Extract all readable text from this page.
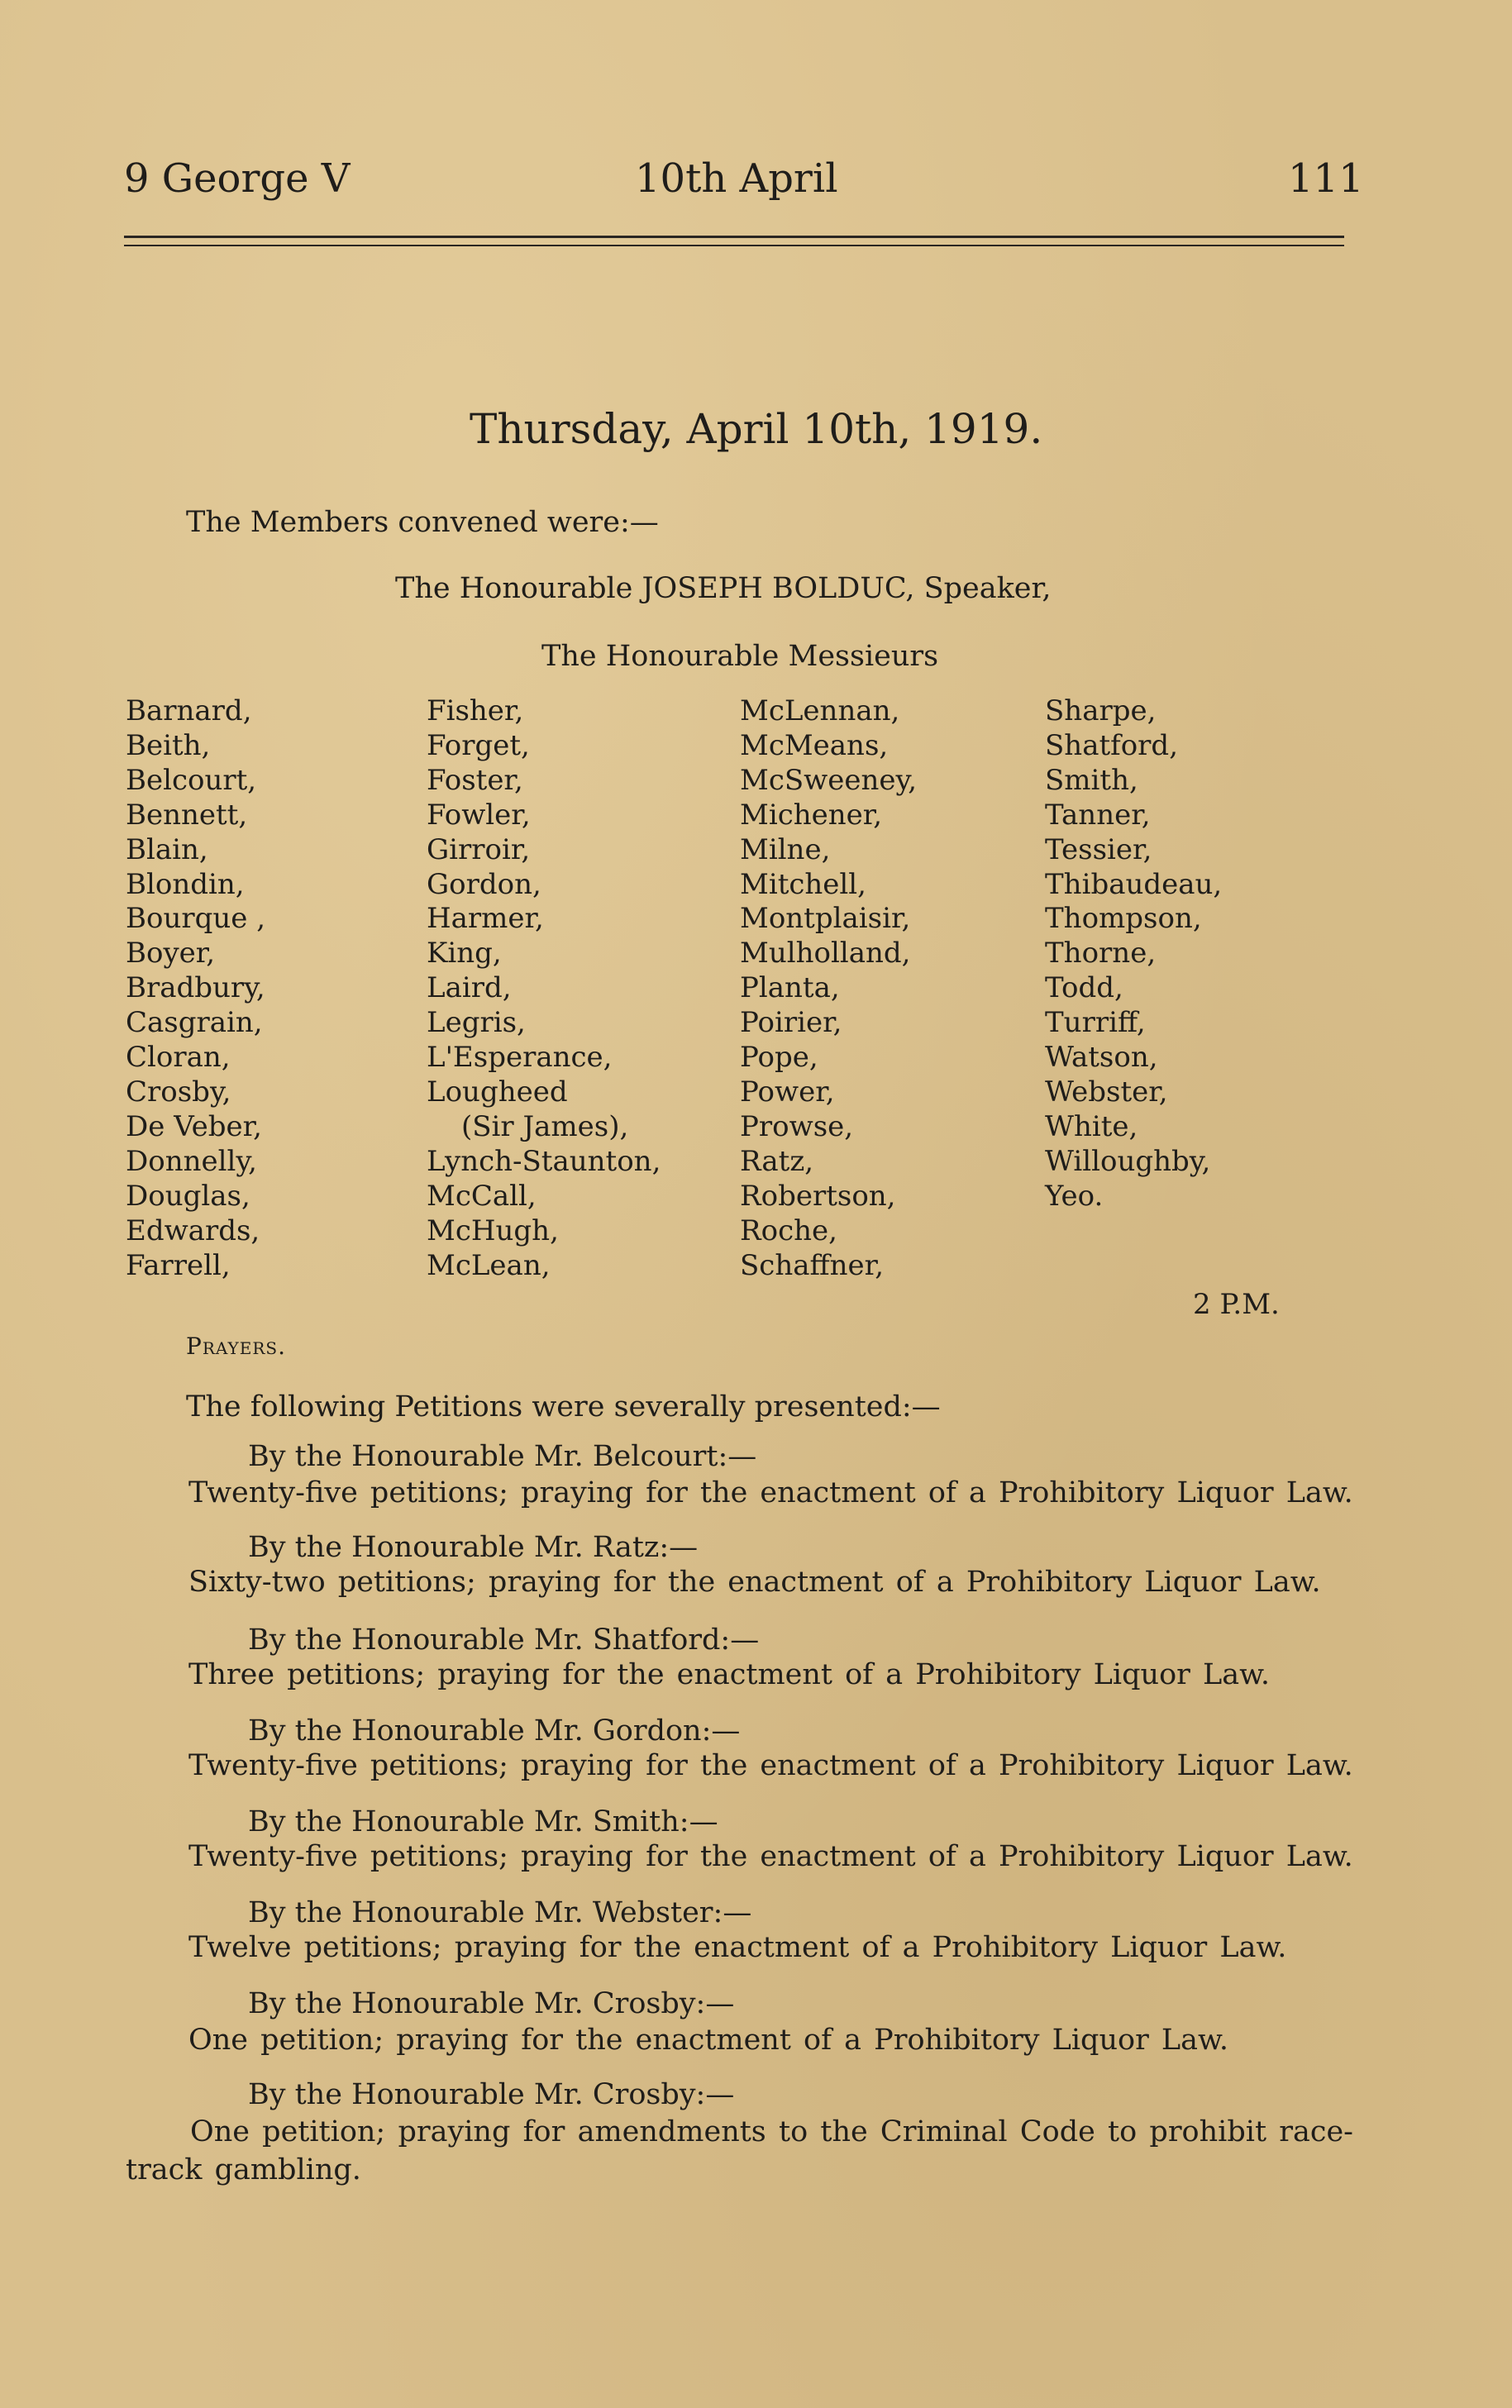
9 George V	10th April	111
Thursday, April 10th, 1919.
The Members convened were:—
The Honourable JOSEPH BOLDUC, Speaker,
The Honourable Messieurs
Barnard,
Beith,
Belcourt,
Bennett,
Blain,
Blondin,
Bourque ,
Boyer,
Bradbury,
Casgrain,
Cloran,
Crosby,
De Veber,
Donnelly,
Douglas,
Edwards,
Farrell,
Fisher,
Forget,
Foster,
Fowler,
Girroir,
Gordon,
Harmer,
King,
Laird,
Legris,
L'Esperance,
Lougheed
(Sir James),
Lynch-Staunton,
McCall,
McHugh,
McLean,
McLennan,
McMeans,
McSweeney,
Michener,
Milne,
Mitchell,
Montplaisir,
Mulholland,
Planta,
Poirier,
Pope,
Power,
Prowse,
Ratz,
Robertson,
Roche,
Schaffner,
Sharpe,
Shatford,
Smith,
Tanner,
Tessier,
Thibaudeau,
Thompson,
Thorne,
Todd,
Turriff,
Watson,
Webster,
White,
Willoughby,
Yeo.
2 P.M.
Prayers.
The following Petitions were severally presented:—
By the Honourable Mr. Belcourt:—
Twenty-five petitions; praying for the enactment of a Prohibitory Liquor Law.
By the Honourable Mr. Ratz:—
Sixty-two petitions; praying for the enactment of a Prohibitory Liquor Law.
By the Honourable Mr. Shatford:—
Three petitions; praying for the enactment of a Prohibitory Liquor Law.
By the Honourable Mr. Gordon:—
Twenty-five petitions; praying for the enactment of a Prohibitory Liquor Law.
By the Honourable Mr. Smith:—
Twenty-five petitions; praying for the enactment of a Prohibitory Liquor Law.
By the Honourable Mr. Webster:—
Twelve petitions; praying for the enactment of a Prohibitory Liquor Law.
By the Honourable Mr. Crosby:—
One petition; praying for the enactment of a Prohibitory Liquor Law.
By the Honourable Mr. Crosby:—
One petition; praying for amendments to the Criminal Code to prohibit race-track gambling.
